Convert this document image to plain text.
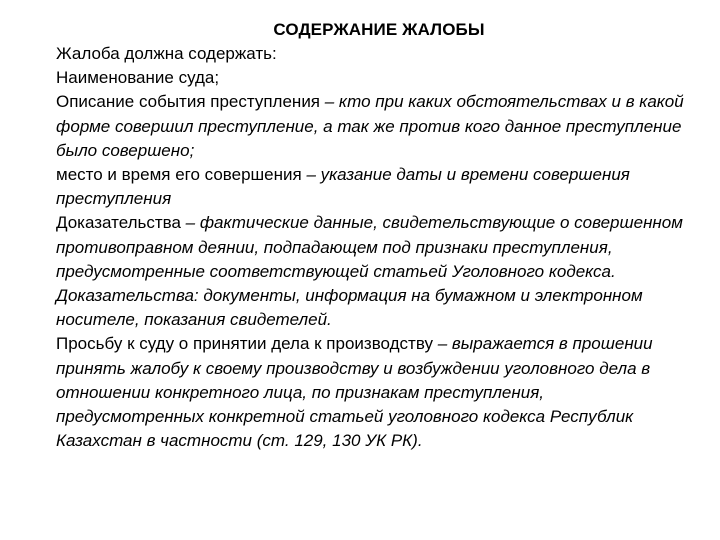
СОДЕРЖАНИЕ ЖАЛОБЫ

Жалоба должна содержать:

Наименование суда;

Описание события преступления – кто при каких обстоятельствах и в какой форме совершил преступление, а так же против кого данное преступление было совершено;

место и время его совершения – указание даты и времени совершения преступления

Доказательства – фактические данные, свидетельствующие о совершенном противоправном деянии, подпадающем под признаки преступления, предусмотренные соответствующей статьей Уголовного кодекса. Доказательства: документы, информация на бумажном и электронном носителе, показания свидетелей.

Просьбу к суду о принятии дела к производству – выражается в прошении принять жалобу к своему производству и возбуждении уголовного дела в отношении конкретного лица, по признакам преступления, предусмотренных конкретной статьей уголовного кодекса Республик Казахстан в частности (ст. 129, 130 УК РК).
